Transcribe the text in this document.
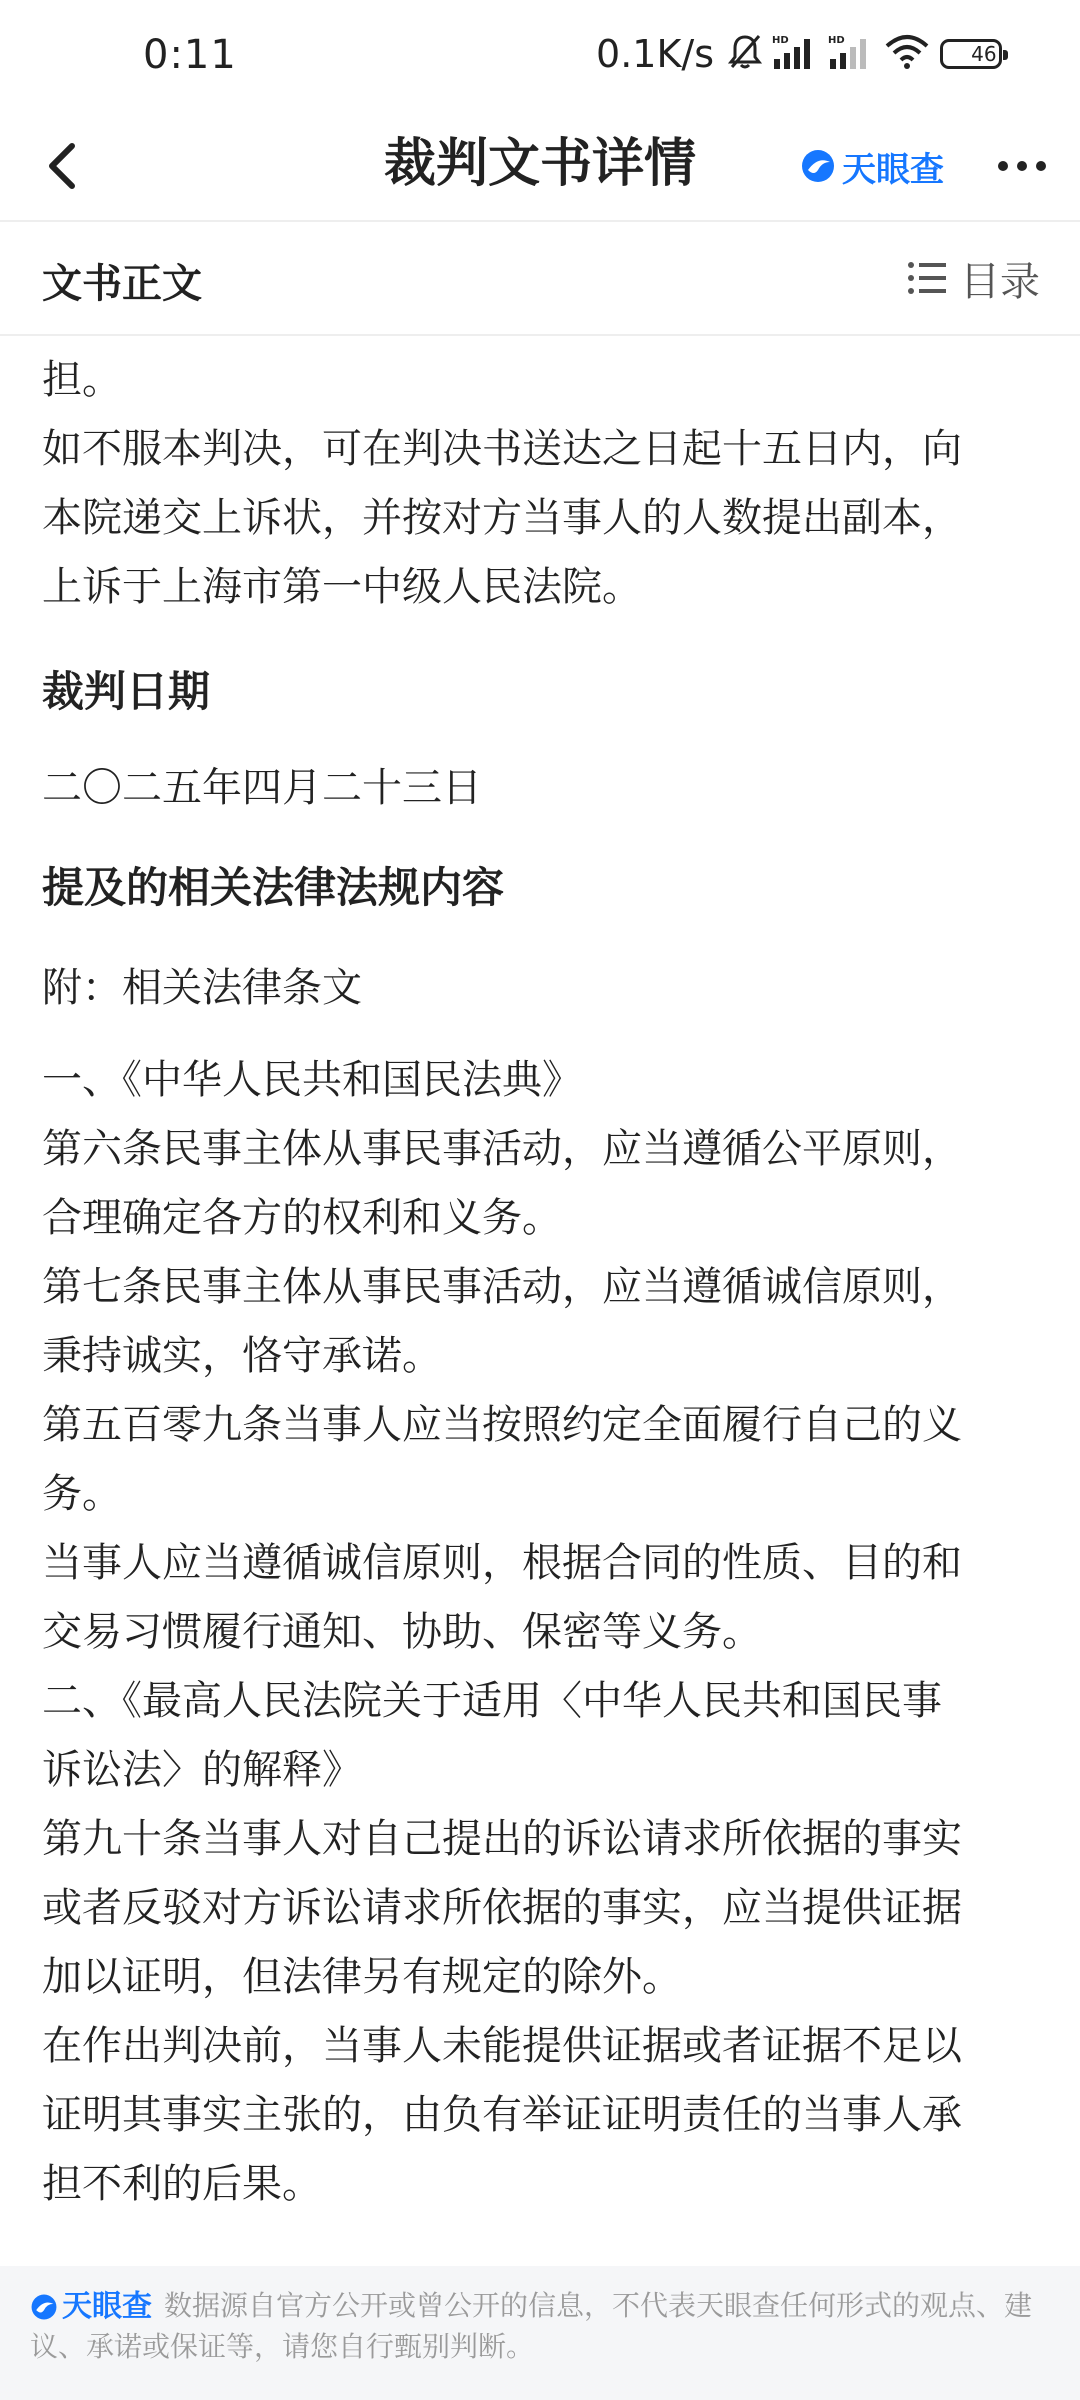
0:11	0.1K/s	HD	HD
46
裁判文书详情	天眼查
文书正文	目录

担。

如不服本判决，可在判决书送达之日起十五日内，向

本院递交上诉状，并按对方当事人的人数提出副本，

上诉于上海市第一中级人民法院。

裁判日期

二〇二五年四月二十三日

提及的相关法律法规内容

附：相关法律条文

一、《中华人民共和国民法典》

第六条民事主体从事民事活动，应当遵循公平原则，

合理确定各方的权利和义务。

第七条民事主体从事民事活动，应当遵循诚信原则，

秉持诚实，恪守承诺。

第五百零九条当事人应当按照约定全面履行自己的义

务。

当事人应当遵循诚信原则，根据合同的性质、目的和

交易习惯履行通知、协助、保密等义务。

二、《最高人民法院关于适用〈中华人民共和国民事

诉讼法〉的解释》

第九十条当事人对自己提出的诉讼请求所依据的事实

或者反驳对方诉讼请求所依据的事实，应当提供证据

加以证明，但法律另有规定的除外。

在作出判决前，当事人未能提供证据或者证据不足以

证明其事实主张的，由负有举证证明责任的当事人承

担不利的后果。

天眼查 数据源自官方公开或曾公开的信息，不代表天眼查任何形式的观点、建议、承诺或保证等，请您自行甄别判断。
